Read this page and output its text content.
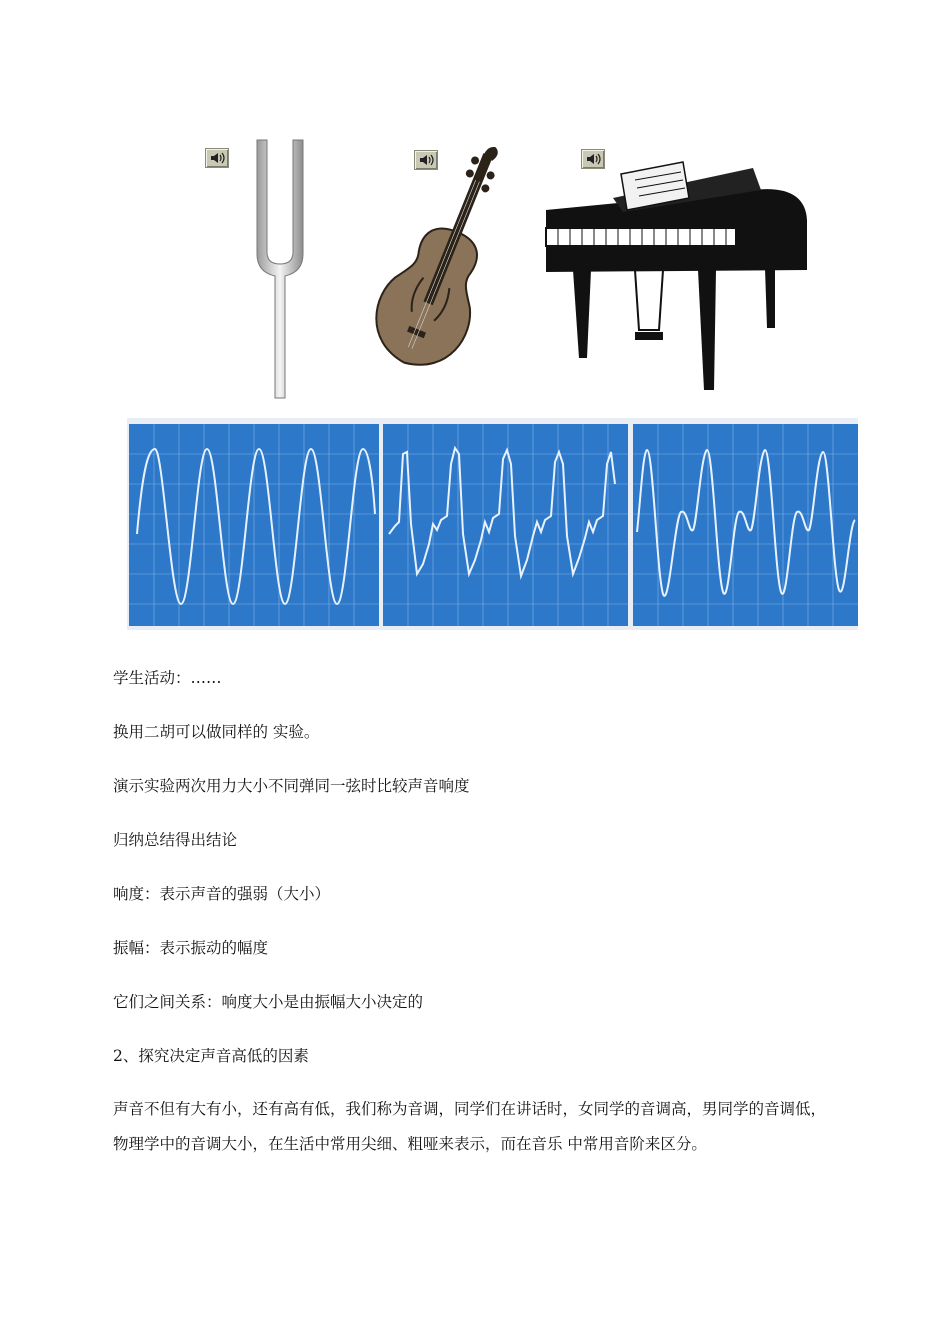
学生活动：……
换用二胡可以做同样的 实验。
演示实验两次用力大小不同弹同一弦时比较声音响度
归纳总结得出结论
响度：表示声音的强弱（大小）
振幅：表示振动的幅度
它们之间关系：响度大小是由振幅大小决定的
2、探究决定声音高低的因素
声音不但有大有小，还有高有低，我们称为音调，同学们在讲话时，女同学的音调高，男同学的音调低，物理学中的音调大小，在生活中常用尖细、粗哑来表示，而在音乐 中常用音阶来区分。
